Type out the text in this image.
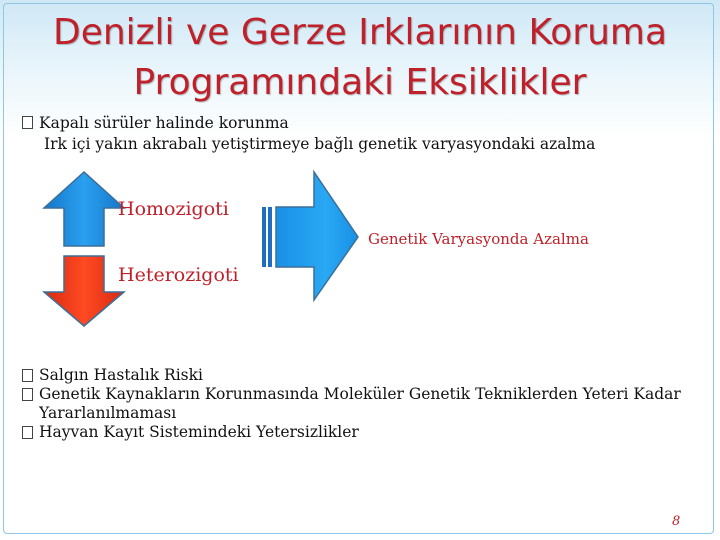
Denizli ve Gerze Irklarının Koruma
Programındaki Eksiklikler
Kapalı sürüler halinde korunma
Irk içi yakın akrabalı yetiştirmeye bağlı genetik varyasyondaki azalma
Homozigoti
Heterozigoti
Genetik Varyasyonda Azalma
Salgın Hastalık Riski
Genetik Kaynakların Korunmasında Moleküler Genetik Tekniklerden Yeteri Kadar Yararlanılmaması
Hayvan Kayıt Sistemindeki Yetersizlikler
8
